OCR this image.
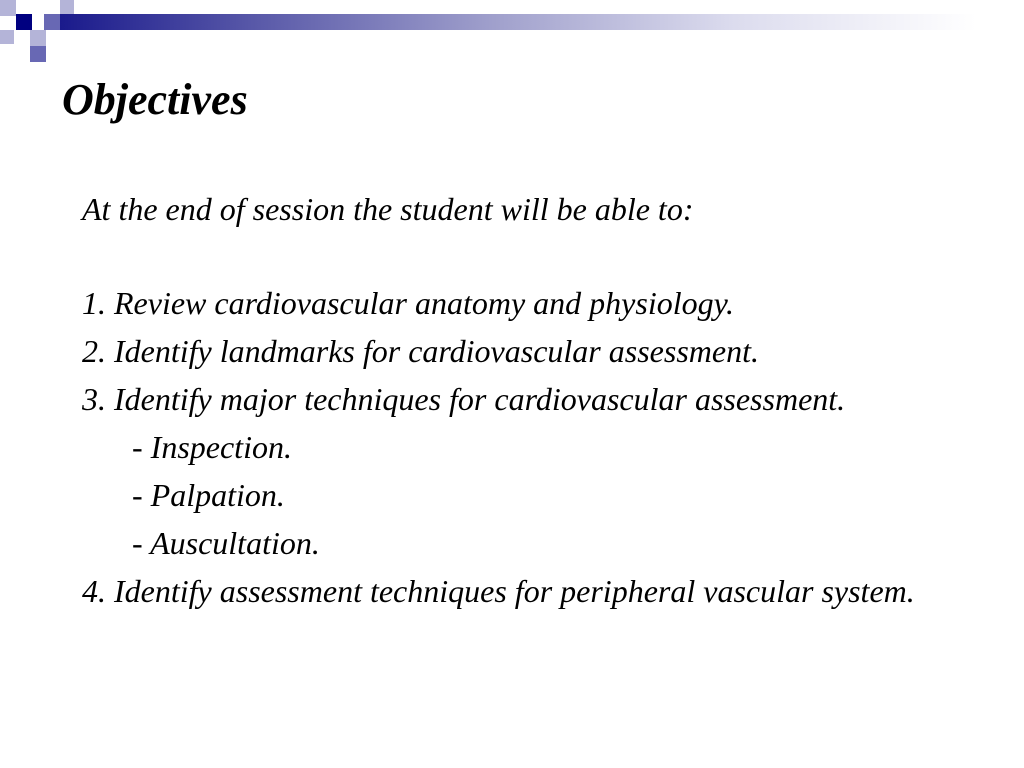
Objectives

At the end of session the student will be able to:

1. Review cardiovascular anatomy and physiology.

2. Identify landmarks for cardiovascular assessment.

3. Identify major techniques for cardiovascular assessment.

- Inspection.

- Palpation.

- Auscultation.

4. Identify assessment techniques for peripheral vascular system.
